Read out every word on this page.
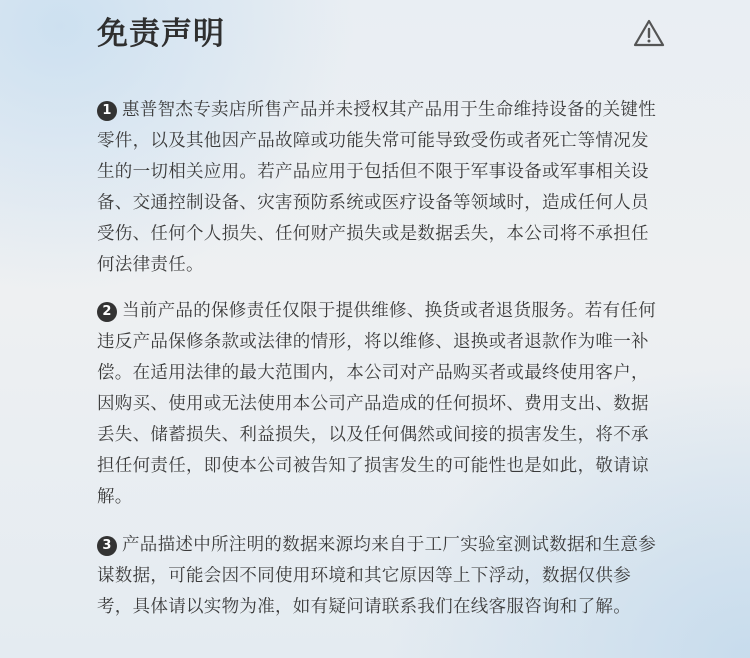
免责声明

1 惠普智杰专卖店所售产品并未授权其产品用于生命维持设备的关键性零件，以及其他因产品故障或功能失常可能导致受伤或者死亡等情况发生的一切相关应用。若产品应用于包括但不限于军事设备或军事相关设备、交通控制设备、灾害预防系统或医疗设备等领域时，造成任何人员受伤、任何个人损失、任何财产损失或是数据丢失，本公司将不承担任何法律责任。

2 当前产品的保修责任仅限于提供维修、换货或者退货服务。若有任何违反产品保修条款或法律的情形，将以维修、退换或者退款作为唯一补偿。在适用法律的最大范围内，本公司对产品购买者或最终使用客户，因购买、使用或无法使用本公司产品造成的任何损坏、费用支出、数据丢失、储蓄损失、利益损失，以及任何偶然或间接的损害发生，将不承担任何责任，即使本公司被告知了损害发生的可能性也是如此，敬请谅解。

3 产品描述中所注明的数据来源均来自于工厂实验室测试数据和生意参谋数据，可能会因不同使用环境和其它原因等上下浮动，数据仅供参考，具体请以实物为准，如有疑问请联系我们在线客服咨询和了解。
